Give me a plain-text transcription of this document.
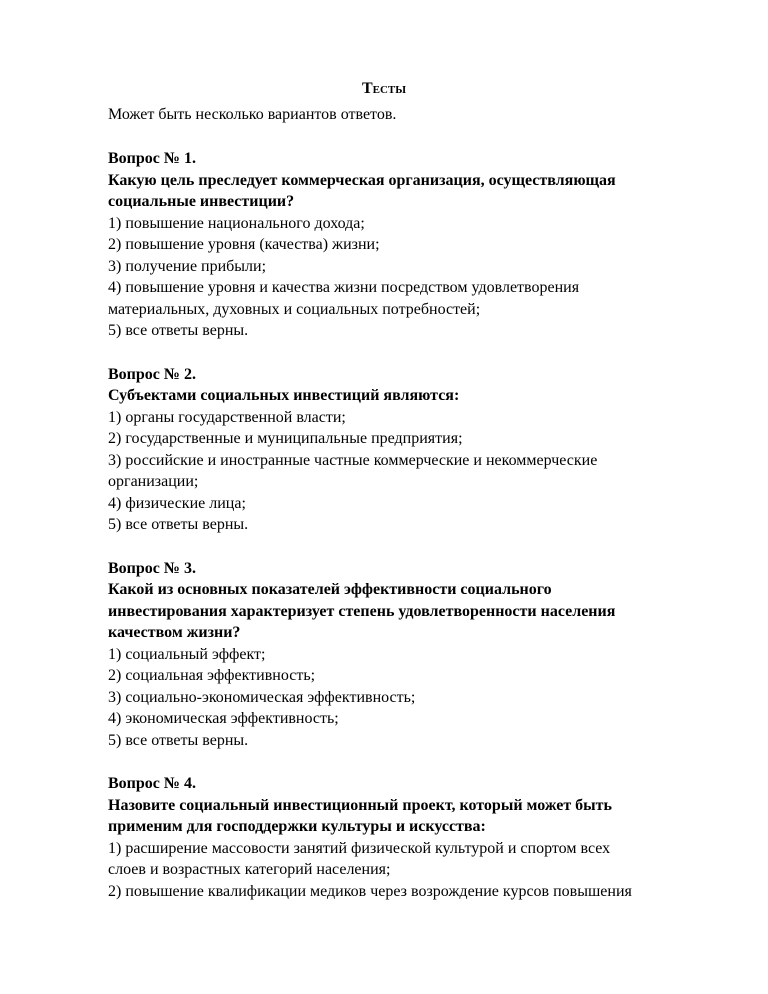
Тесты
Может быть несколько вариантов ответов.
Вопрос № 1.
Какую цель преследует коммерческая организация, осуществляющая
социальные инвестиции?
1) повышение национального дохода;
2) повышение уровня (качества) жизни;
3) получение прибыли;
4) повышение уровня и качества жизни посредством удовлетворения
материальных, духовных и социальных потребностей;
5) все ответы верны.
Вопрос № 2.
Субъектами социальных инвестиций являются:
1) органы государственной власти;
2) государственные и муниципальные предприятия;
3) российские и иностранные частные коммерческие и некоммерческие
организации;
4) физические лица;
5) все ответы верны.
Вопрос № 3.
Какой из основных показателей эффективности социального
инвестирования характеризует степень удовлетворенности населения
качеством жизни?
1) социальный эффект;
2) социальная эффективность;
3) социально-экономическая эффективность;
4) экономическая эффективность;
5) все ответы верны.
Вопрос № 4.
Назовите социальный инвестиционный проект, который может быть
применим для господдержки культуры и искусства:
1) расширение массовости занятий физической культурой и спортом всех
слоев и возрастных категорий населения;
2) повышение квалификации медиков через возрождение курсов повышения
